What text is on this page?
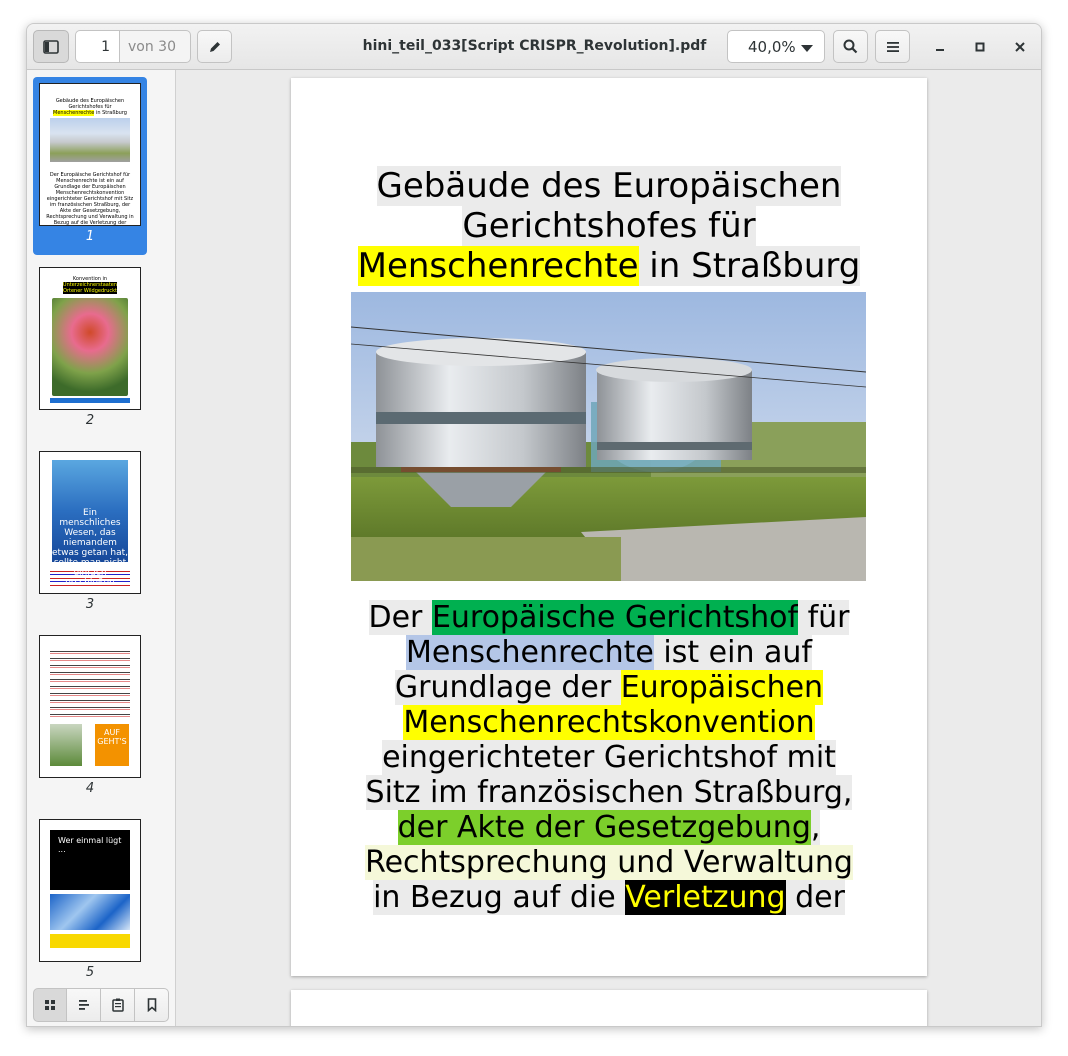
1	von 30	hini_teil_033[Script CRISPR_Revolution].pdf	40,0%
Gebäude des Europäischen
Gerichtshofes für
Menschenrechte in Straßburg
Der Europäische Gerichtshof für Menschenrechte ist ein auf Grundlage der Europäischen Menschenrechtskonvention eingerichteter Gerichtshof mit Sitz im französischen Straßburg, der Akte der Gesetzgebung, Rechtsprechung und Verwaltung in Bezug auf die Verletzung der
1
Konvention in
Unterzeichnerstaaten
Ortener Wildgedruckt
2
Ein menschliches Wesen, das niemandem etwas getan hat, sollte man nicht einfach erschießen
3
AUF GEHT'S
4
Wer einmal lügt ...
5
Gebäude des Europäischen
Gerichtshofes für
Menschenrechte in Straßburg
Der Europäische Gerichtshof für
Menschenrechte ist ein auf
Grundlage der Europäischen
Menschenrechtskonvention
eingerichteter Gerichtshof mit
Sitz im französischen Straßburg,
der Akte der Gesetzgebung,
Rechtsprechung und Verwaltung
in Bezug auf die Verletzung der
